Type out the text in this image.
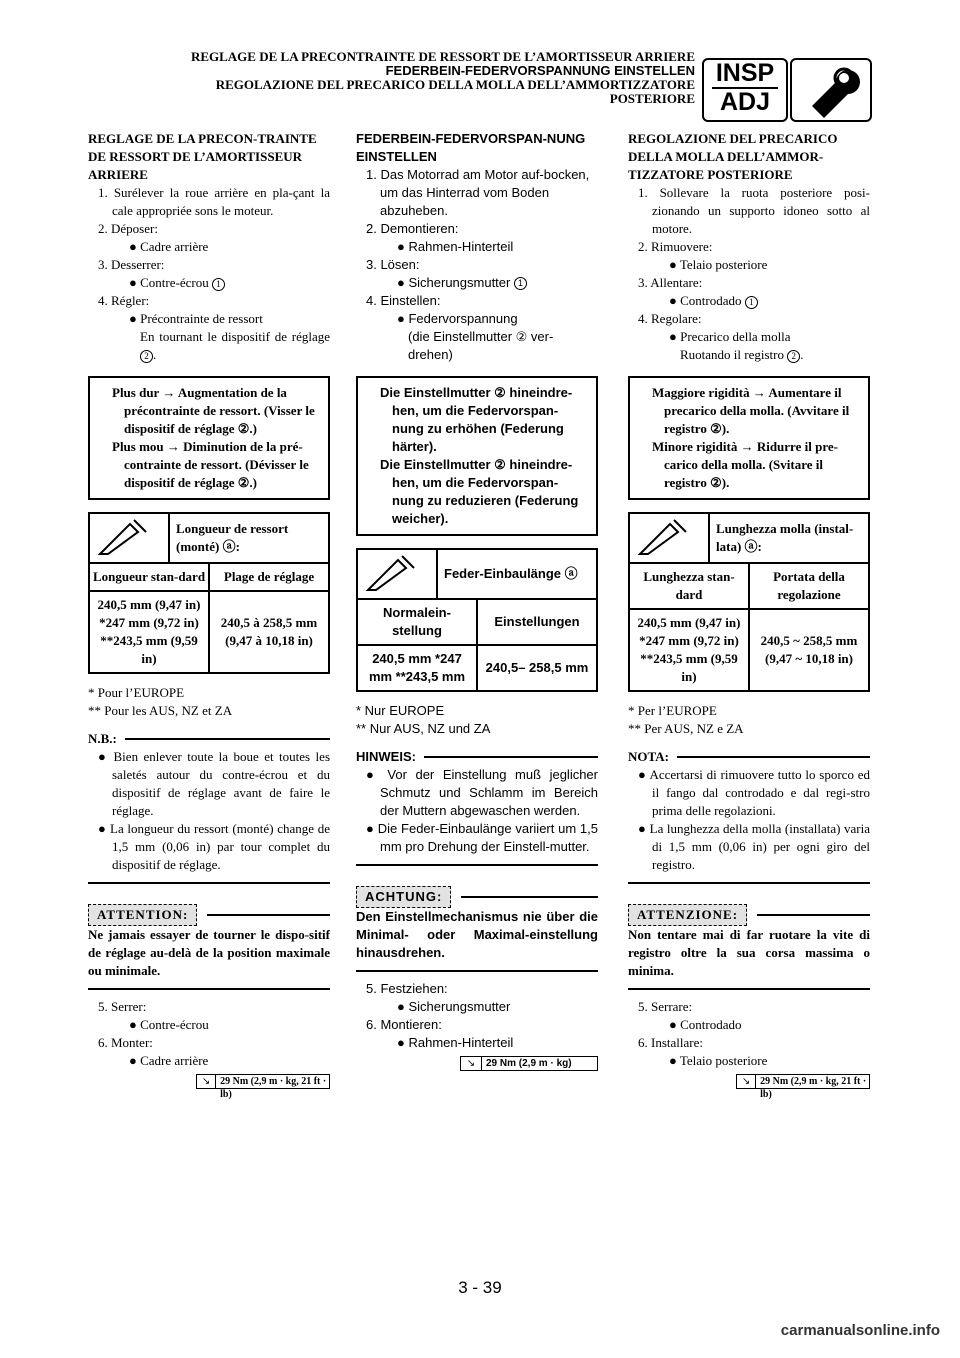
REGLAGE DE LA PRECONTRAINTE DE RESSORT DE L’AMORTISSEUR ARRIERE
FEDERBEIN-FEDERVORSPANNUNG EINSTELLEN
REGOLAZIONE DEL PRECARICO DELLA MOLLA DELL’AMMORTIZZATORE
POSTERIORE
INSP
ADJ
REGLAGE DE LA PRECON-TRAINTE DE RESSORT DE L’AMORTISSEUR ARRIERE
1. Surélever la roue arrière en pla-çant la cale appropriée sons le moteur.
2. Déposer:
● Cadre arrière
3. Desserrer:
● Contre-écrou 1
4. Régler:
● Précontrainte de ressort
En tournant le dispositif de réglage 2 .
Plus dur → Augmentation de la précontrainte de ressort. (Visser le dispositif de réglage ②.)
Plus mou → Diminution de la pré-contrainte de ressort. (Dévisser le dispositif de réglage ②.)
Longueur de ressort (monté) ⓐ:
Longueur stan-dard	Plage de réglage
240,5 mm (9,47 in) *247 mm (9,72 in) **243,5 mm (9,59 in)
240,5 à 258,5 mm (9,47 à 10,18 in)
* Pour l’EUROPE
** Pour les AUS, NZ et ZA
N.B.:
● Bien enlever toute la boue et toutes les saletés autour du contre-écrou et du dispositif de réglage avant de faire le réglage.
● La longueur du ressort (monté) change de 1,5 mm (0,06 in) par tour complet du dispositif de réglage.
ATTENTION:
Ne jamais essayer de tourner le dispo-sitif de réglage au-delà de la position maximale ou minimale.
5. Serrer:
● Contre-écrou
6. Monter:
● Cadre arrière
↘ 29 Nm (2,9 m · kg, 21 ft · lb)
FEDERBEIN-FEDERVORSPAN-NUNG EINSTELLEN
1. Das Motorrad am Motor auf-bocken, um das Hinterrad vom Boden abzuheben.
2. Demontieren:
● Rahmen-Hinterteil
3. Lösen:
● Sicherungsmutter 1
4. Einstellen:
● Federvorspannung
(die Einstellmutter ② ver-drehen)
Die Einstellmutter ② hineindre-hen, um die Federvorspan-nung zu erhöhen (Federung härter).
Die Einstellmutter ② hineindre-hen, um die Federvorspan-nung zu reduzieren (Federung weicher).
Feder-Einbaulänge ⓐ
Normalein-stellung
Einstellungen
240,5 mm *247 mm **243,5 mm
240,5– 258,5 mm
* Nur EUROPE
** Nur AUS, NZ und ZA
HINWEIS:
● Vor der Einstellung muß jeglicher Schmutz und Schlamm im Bereich der Muttern abgewaschen werden.
● Die Feder-Einbaulänge variiert um 1,5 mm pro Drehung der Einstell-mutter.
ACHTUNG:
Den Einstellmechanismus nie über die Minimal- oder Maximal-einstellung hinausdrehen.
5. Festziehen:
● Sicherungsmutter
6. Montieren:
● Rahmen-Hinterteil
↘	29 Nm (2,9 m · kg)
REGOLAZIONE DEL PRECARICO DELLA MOLLA DELL’AMMOR-TIZZATORE POSTERIORE
1. Sollevare la ruota posteriore posi-zionando un supporto idoneo sotto al motore.
2. Rimuovere:
● Telaio posteriore
3. Allentare:
● Controdado 1
4. Regolare:
● Precarico della molla
Ruotando il registro 2 .
Maggiore rigidità → Aumentare il precarico della molla. (Avvitare il registro ②).
Minore rigidità → Ridurre il pre-carico della molla. (Svitare il registro ②).
Lunghezza molla (instal-lata) ⓐ:
Lunghezza stan-dard
Portata della regolazione
240,5 mm (9,47 in) *247 mm (9,72 in) **243,5 mm (9,59 in)
240,5 ~ 258,5 mm (9,47 ~ 10,18 in)
* Per l’EUROPE
** Per AUS, NZ e ZA
NOTA:
● Accertarsi di rimuovere tutto lo sporco ed il fango dal controdado e dal regi-stro prima delle regolazioni.
● La lunghezza della molla (installata) varia di 1,5 mm (0,06 in) per ogni giro del registro.
ATTENZIONE:
Non tentare mai di far ruotare la vite di registro oltre la sua corsa massima o minima.
5. Serrare:
● Controdado
6. Installare:
● Telaio posteriore
↘ 29 Nm (2,9 m · kg, 21 ft · lb)
3 - 39
carmanualsonline.info
